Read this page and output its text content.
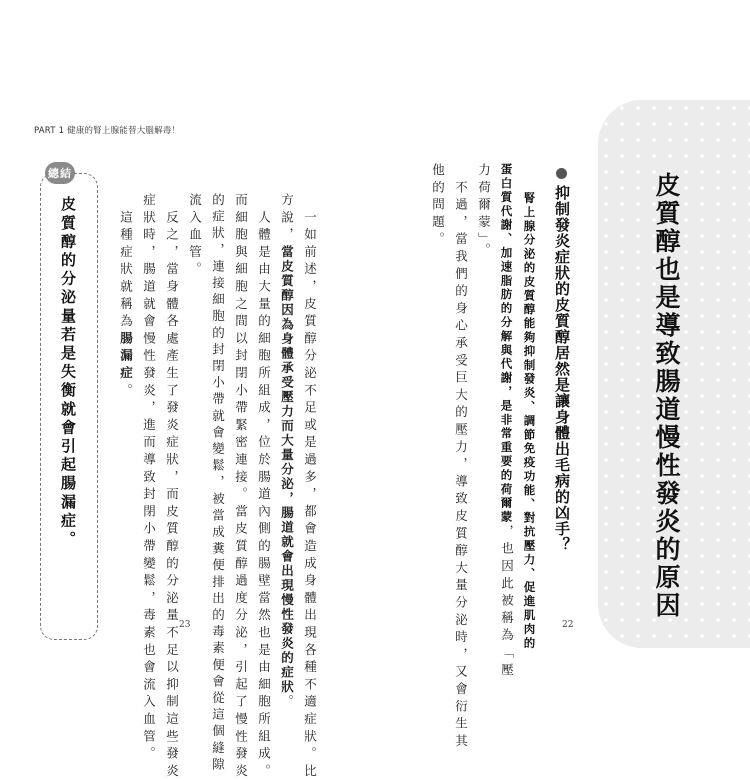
PART 1 健康的腎上腺能替大腦解毒！
皮質醇也是導致腸道慢性發炎的原因
抑制發炎症狀的皮質醇居然是讓身體出毛病的凶手？
　腎上腺分泌的皮質醇能夠抑制發炎、調節免疫功能、對抗壓力、促進肌肉的
蛋白質代謝、加速脂肪的分解與代謝，是非常重要的荷爾蒙，也因此被稱為「壓
力荷爾蒙」。
　不過，當我們的身心承受巨大的壓力，導致皮質醇大量分泌時，又會衍生其
他的問題。
22
　一如前述，皮質醇分泌不足或是過多，都會造成身體出現各種不適症狀。比
方說，當皮質醇因為身體承受壓力而大量分泌，腸道就會出現慢性發炎的症狀。
　人體是由大量的細胞所組成，位於腸道內側的腸壁當然也是由細胞所組成。
而細胞與細胞之間以封閉小帶緊密連接。當皮質醇過度分泌，引起了慢性發炎
的症狀，連接細胞的封閉小帶就會變鬆，被當成糞便排出的毒素便會從這個縫隙
流入血管。
　反之，當身體各處產生了發炎症狀，而皮質醇的分泌量不足以抑制這些發炎
症狀時，腸道就會慢性發炎，進而導致封閉小帶變鬆，毒素也會流入血管。
　這種症狀就稱為腸漏症。
總結
皮質醇的分泌量若是失衡就會引起腸漏症。
23
